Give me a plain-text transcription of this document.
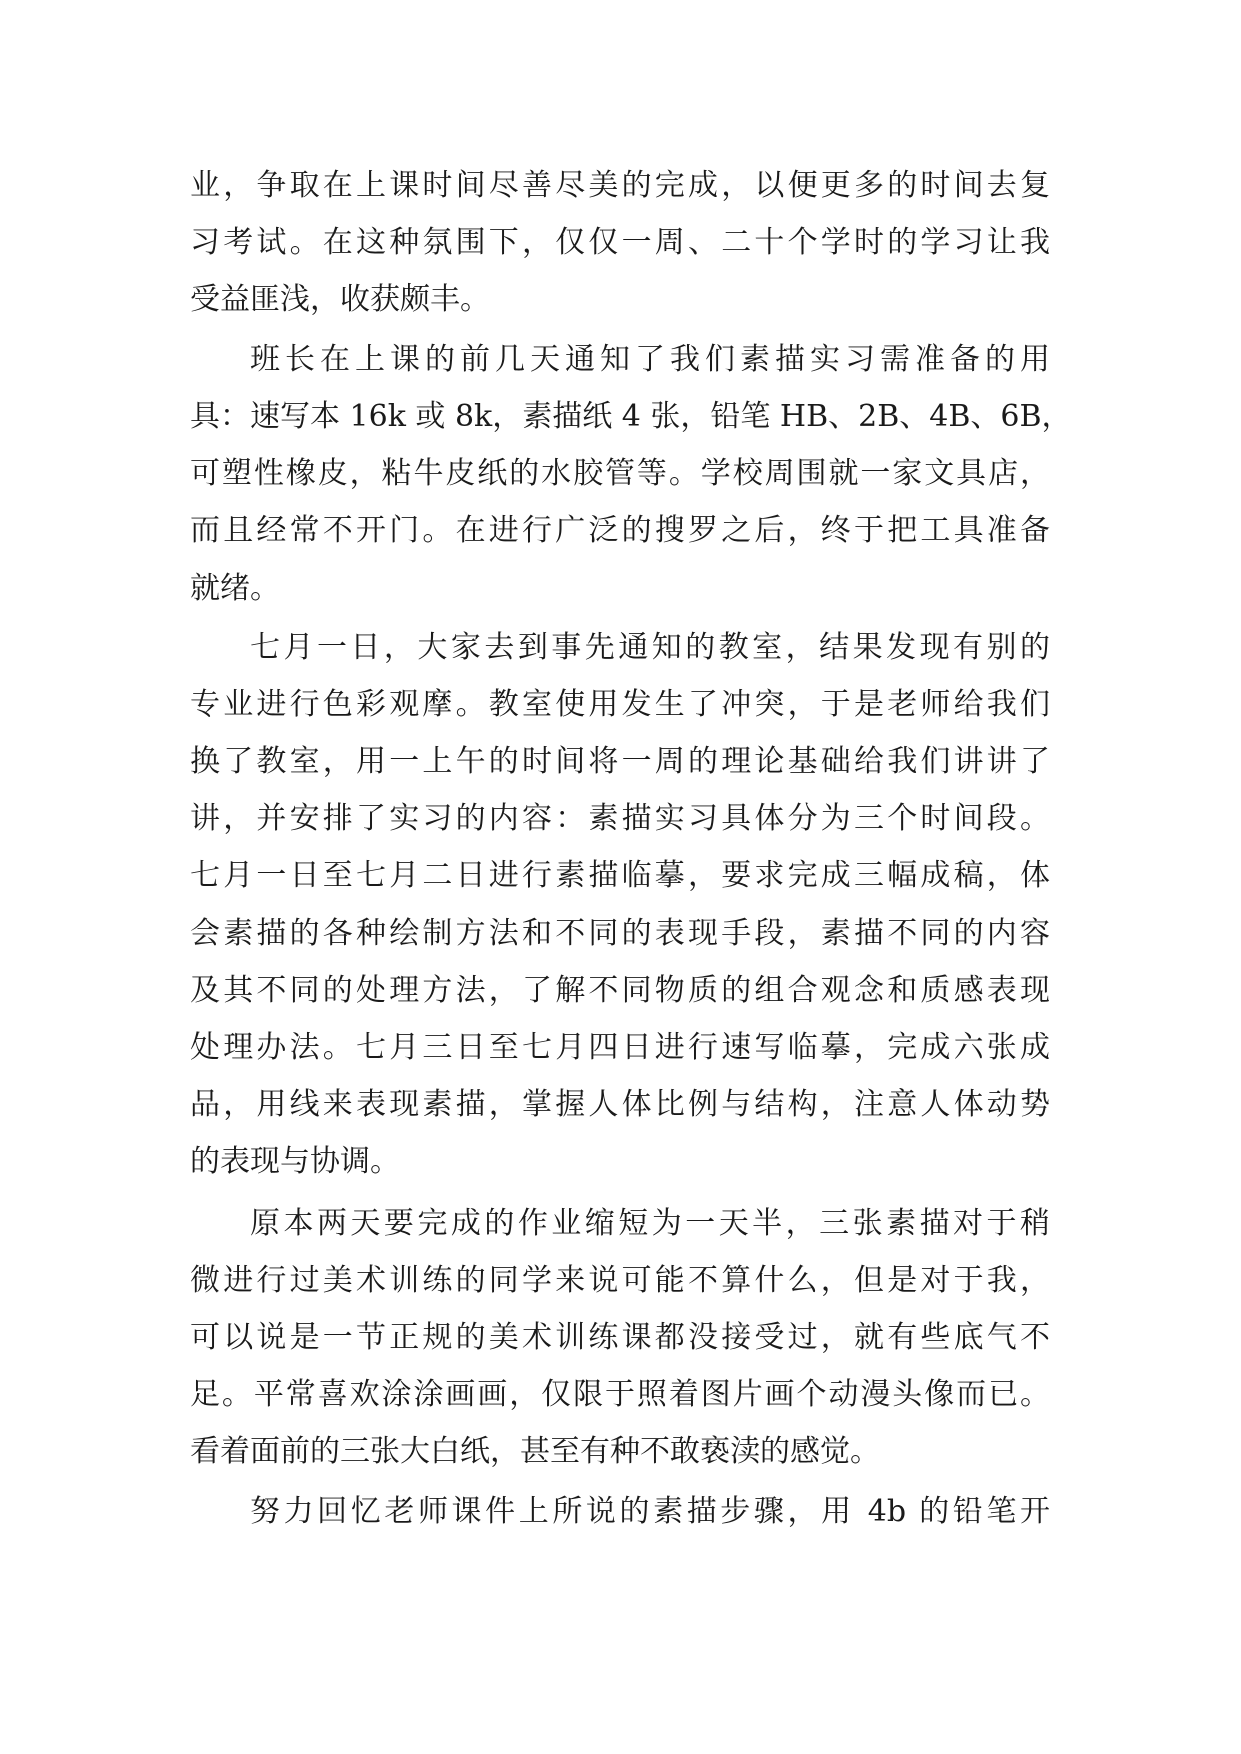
业，争取在上课时间尽善尽美的完成，以便更多的时间去复
习考试。在这种氛围下，仅仅一周、二十个学时的学习让我
受益匪浅，收获颇丰。
班长在上课的前几天通知了我们素描实习需准备的用
具：速写本 16k 或 8k，素描纸 4 张，铅笔 HB、2B、4B、6B，
可塑性橡皮，粘牛皮纸的水胶管等。学校周围就一家文具店，
而且经常不开门。在进行广泛的搜罗之后，终于把工具准备
就绪。
七月一日，大家去到事先通知的教室，结果发现有别的
专业进行色彩观摩。教室使用发生了冲突，于是老师给我们
换了教室，用一上午的时间将一周的理论基础给我们讲讲了
讲，并安排了实习的内容：素描实习具体分为三个时间段。
七月一日至七月二日进行素描临摹，要求完成三幅成稿，体
会素描的各种绘制方法和不同的表现手段，素描不同的内容
及其不同的处理方法，了解不同物质的组合观念和质感表现
处理办法。七月三日至七月四日进行速写临摹，完成六张成
品，用线来表现素描，掌握人体比例与结构，注意人体动势
的表现与协调。
原本两天要完成的作业缩短为一天半，三张素描对于稍
微进行过美术训练的同学来说可能不算什么，但是对于我，
可以说是一节正规的美术训练课都没接受过，就有些底气不
足。平常喜欢涂涂画画，仅限于照着图片画个动漫头像而已。
看着面前的三张大白纸，甚至有种不敢亵渎的感觉。
努力回忆老师课件上所说的素描步骤，用 4b 的铅笔开
